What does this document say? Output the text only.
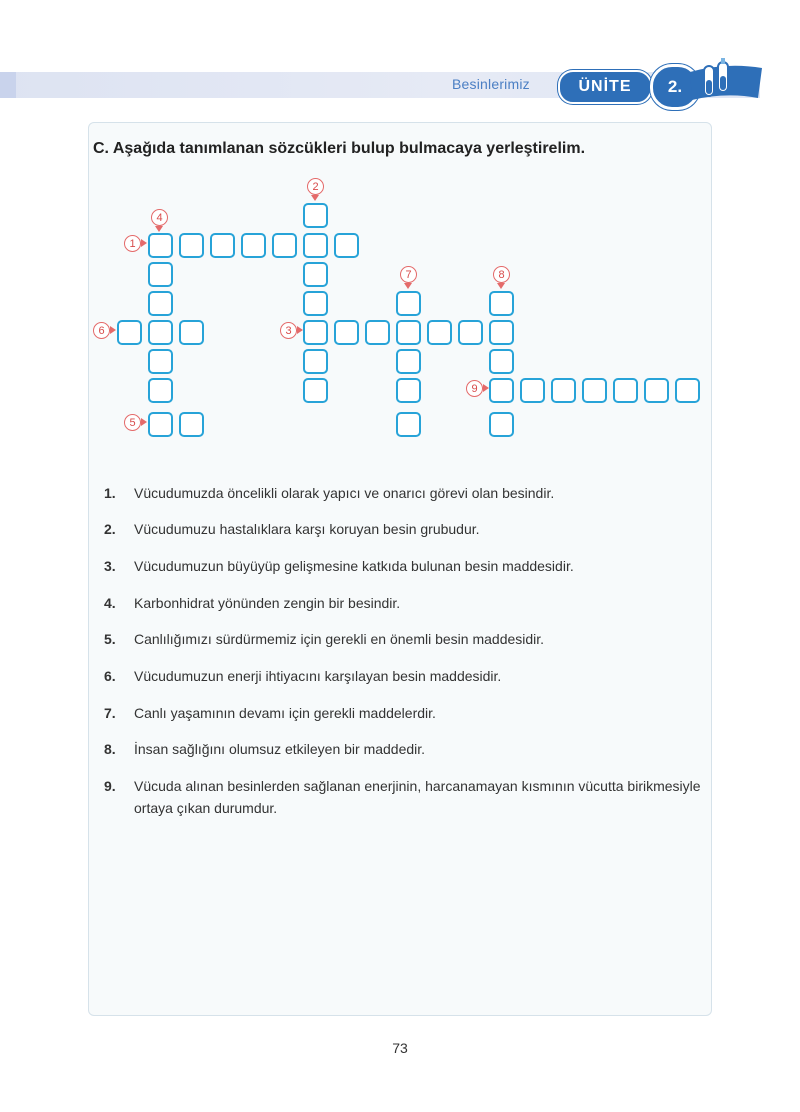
Besinlerimiz	ÜNİTE	2.
C. Aşağıda tanımlanan sözcükleri bulup bulmacaya yerleştirelim.
1
2
3
4
5
6
7	8
9
1. Vücudumuzda öncelikli olarak yapıcı ve onarıcı görevi olan besindir.
2. Vücudumuzu hastalıklara karşı koruyan besin grubudur.
3. Vücudumuzun büyüyüp gelişmesine katkıda bulunan besin maddesidir.
4. Karbonhidrat yönünden zengin bir besindir.
5. Canlılığımızı sürdürmemiz için gerekli en önemli besin maddesidir.
6. Vücudumuzun enerji ihtiyacını karşılayan besin maddesidir.
7. Canlı yaşamının devamı için gerekli maddelerdir.
8. İnsan sağlığını olumsuz etkileyen bir maddedir.
9. Vücuda alınan besinlerden sağlanan enerjinin, harcanamayan kısmının vücutta birikmesiyle ortaya çıkan durumdur.
73
